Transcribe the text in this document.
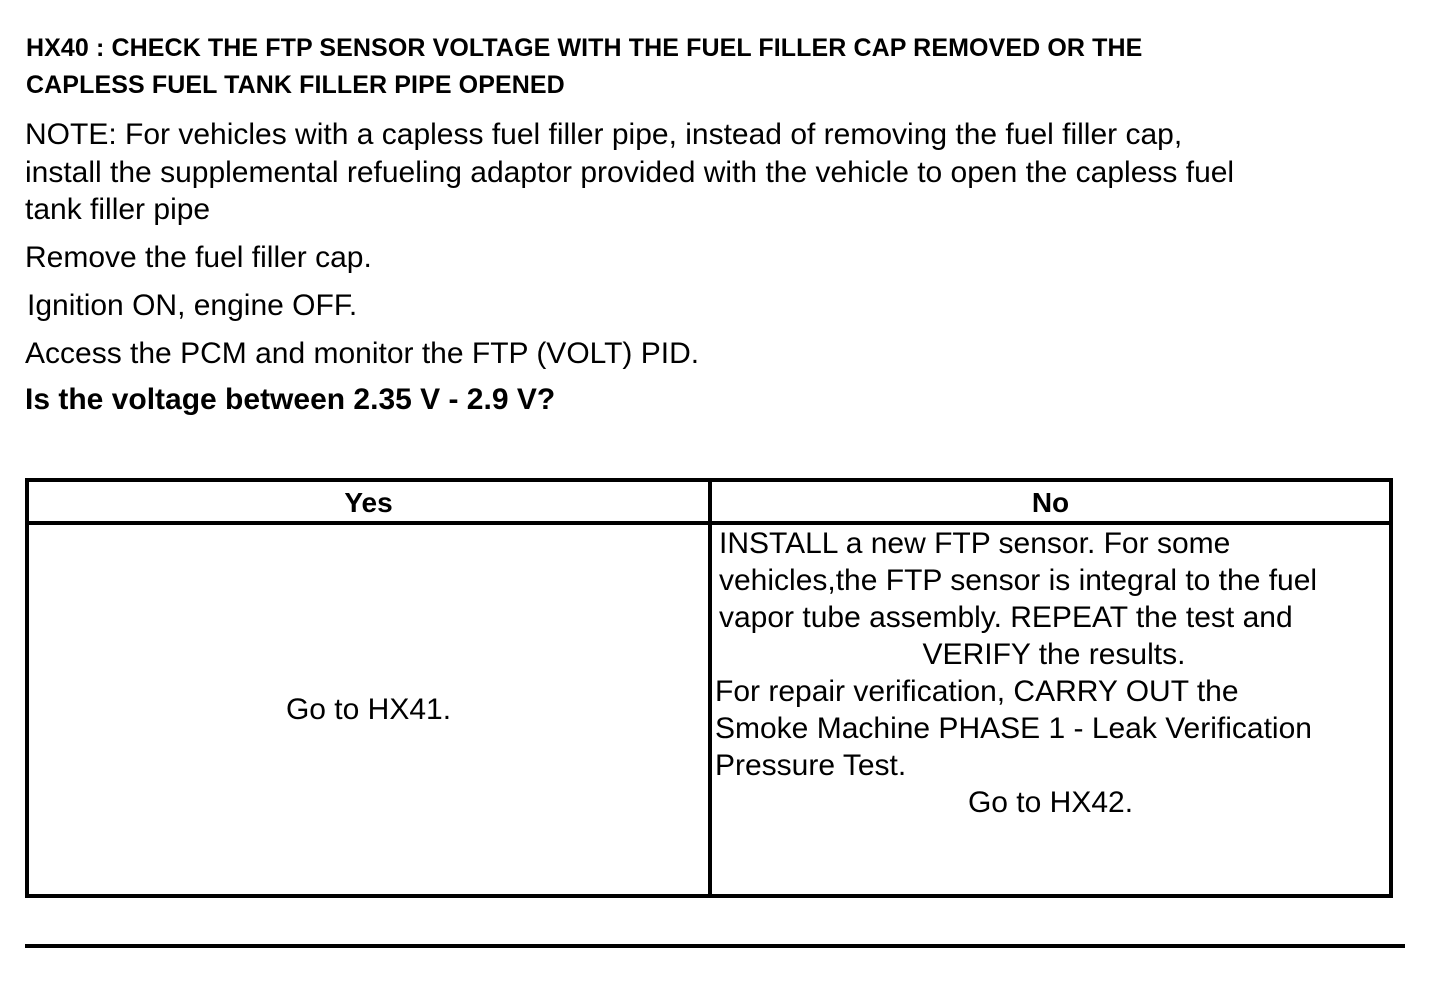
HX40 : CHECK THE FTP SENSOR VOLTAGE WITH THE FUEL FILLER CAP REMOVED OR THE
CAPLESS FUEL TANK FILLER PIPE OPENED
NOTE: For vehicles with a capless fuel filler pipe, instead of removing the fuel filler cap,
install the supplemental refueling adaptor provided with the vehicle to open the capless fuel
tank filler pipe

Remove the fuel filler cap.

Ignition ON, engine OFF.

Access the PCM and monitor the FTP (VOLT) PID.

Is the voltage between 2.35 V - 2.9 V?

Yes	No
Go to HX41.
INSTALL a new FTP sensor. For some
vehicles,the FTP sensor is integral to the fuel
vapor tube assembly. REPEAT the test and
VERIFY the results.
For repair verification, CARRY OUT the
Smoke Machine PHASE 1 - Leak Verification
Pressure Test.

Go to HX42.
